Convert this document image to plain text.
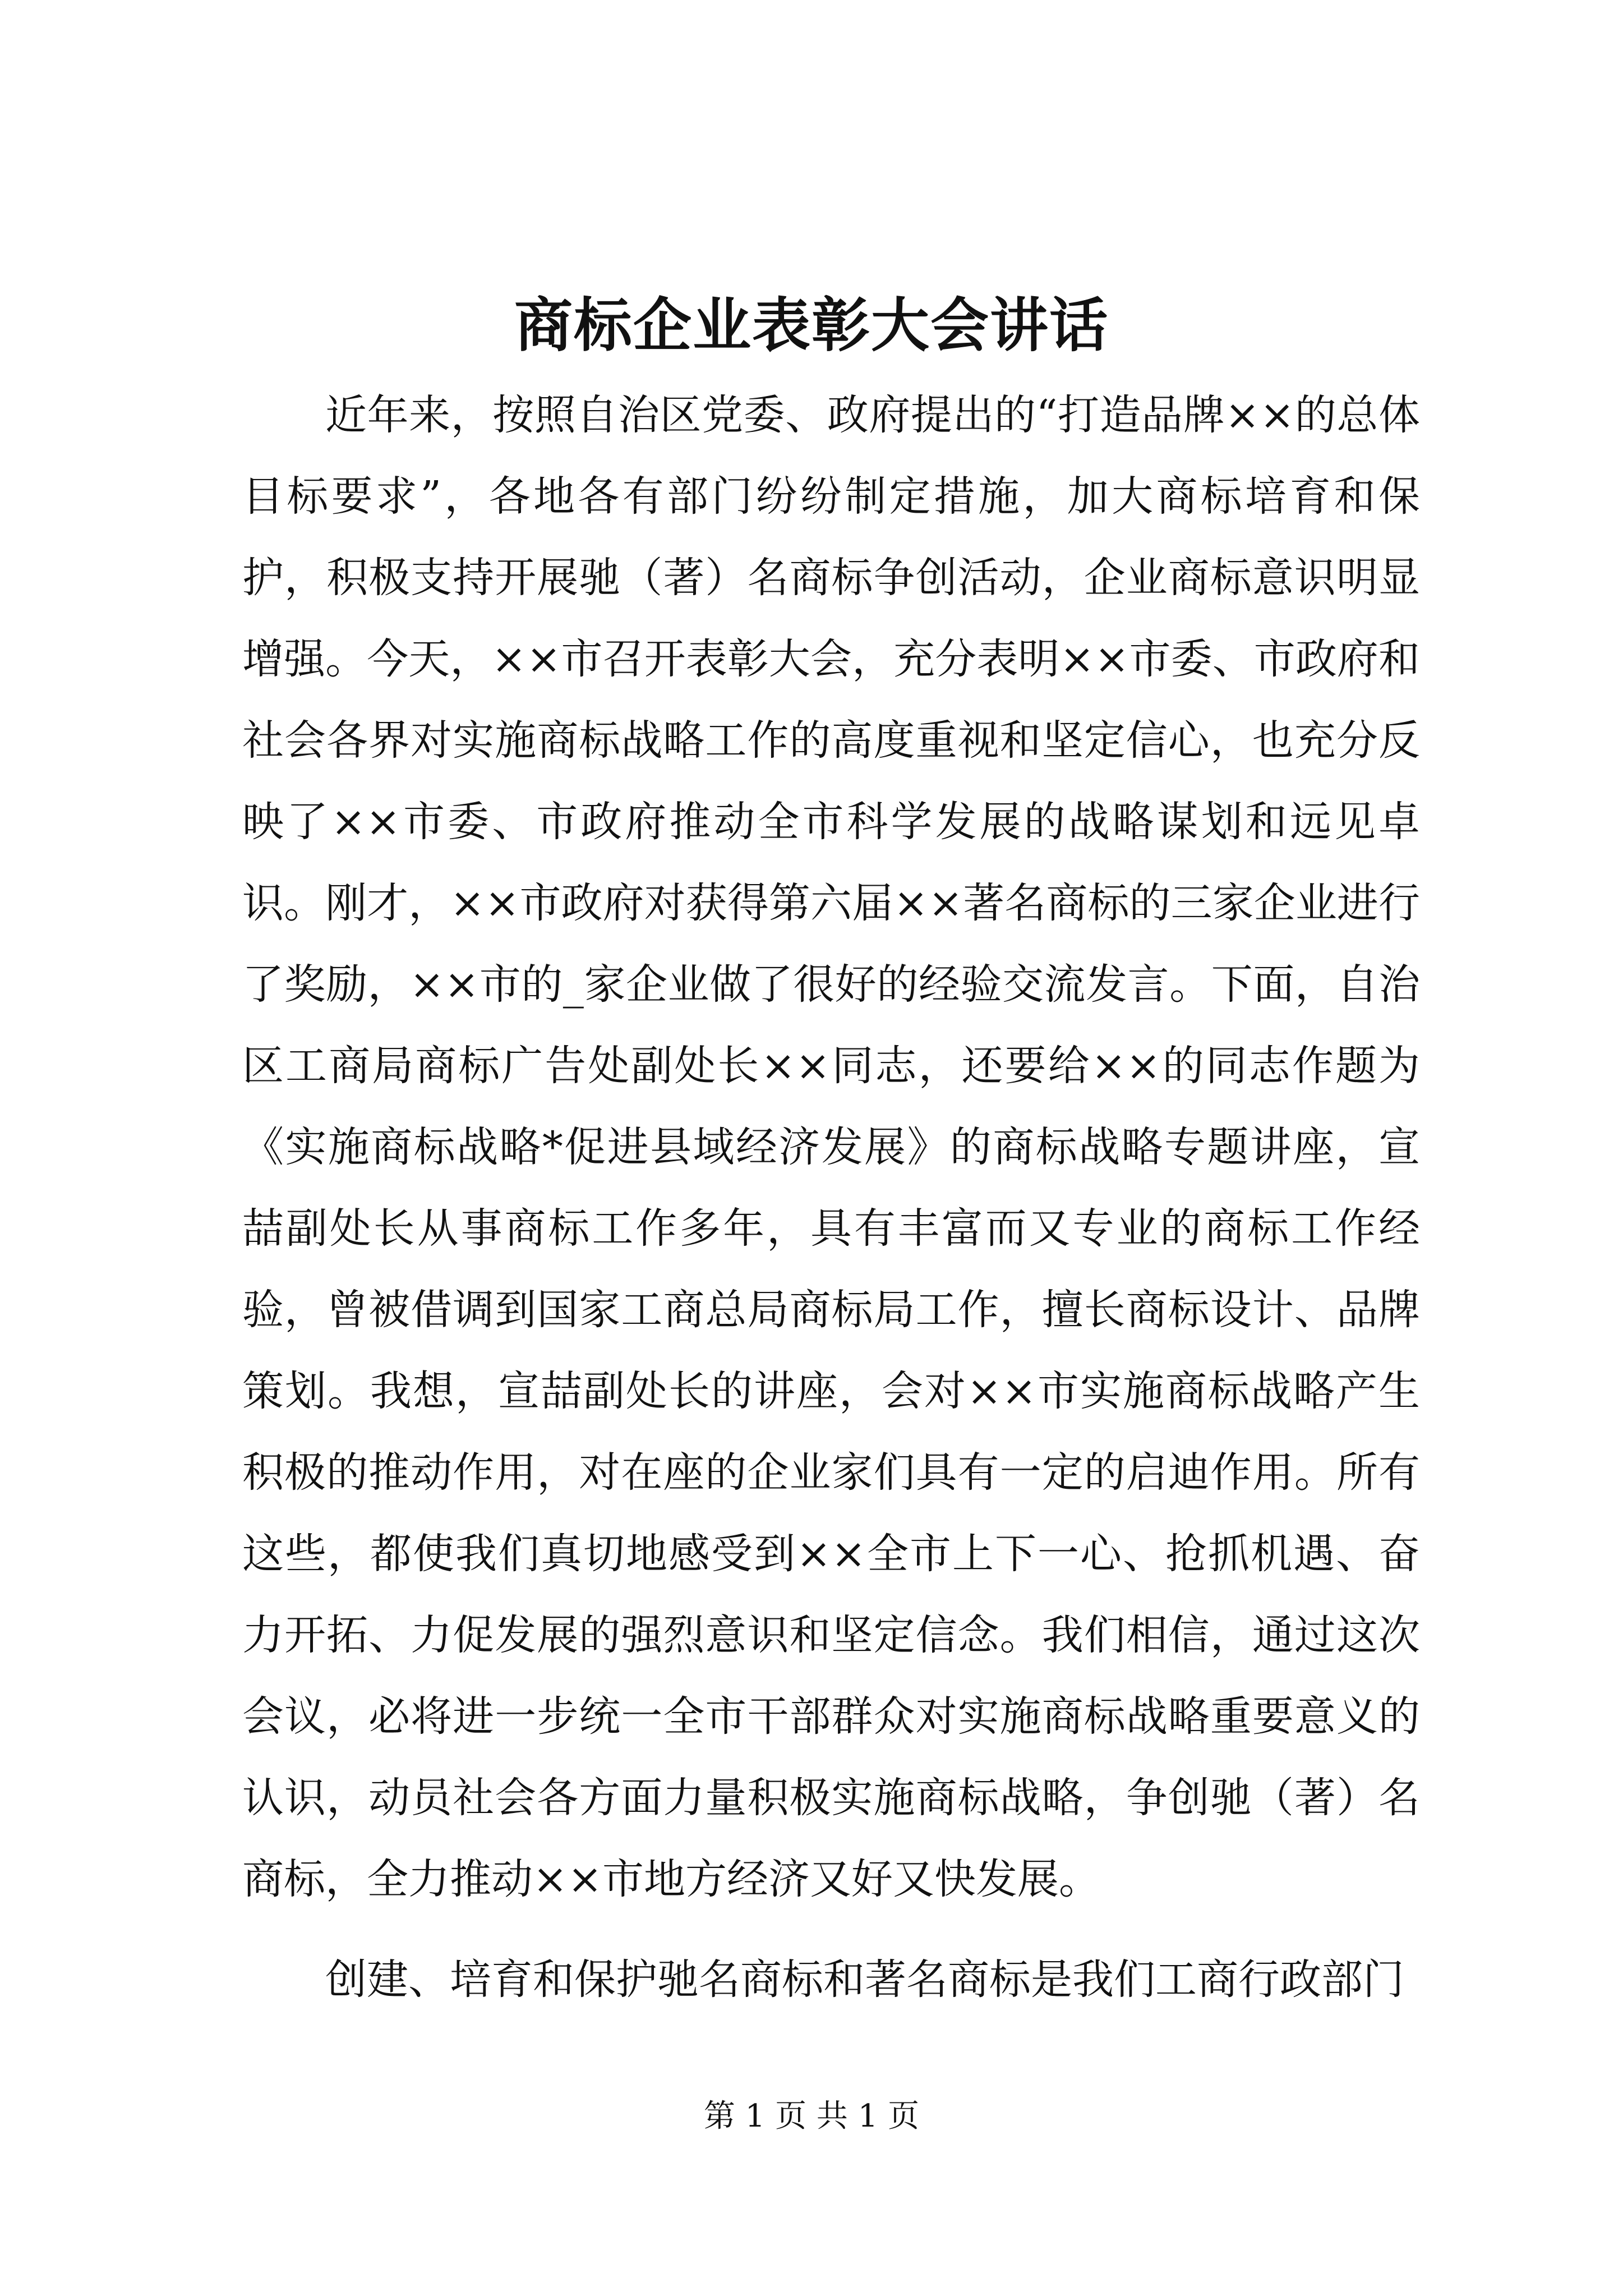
商标企业表彰大会讲话

近年来，按照自治区党委、政府提出的“打造品牌××的总体目标要求”，各地各有部门纷纷制定措施，加大商标培育和保护，积极支持开展驰（著）名商标争创活动，企业商标意识明显增强。今天，××市召开表彰大会，充分表明××市委、市政府和社会各界对实施商标战略工作的高度重视和坚定信心，也充分反映了××市委、市政府推动全市科学发展的战略谋划和远见卓识。刚才，××市政府对获得第六届××著名商标的三家企业进行了奖励，××市的_家企业做了很好的经验交流发言。下面，自治区工商局商标广告处副处长××同志，还要给××的同志作题为《实施商标战略*促进县域经济发展》的商标战略专题讲座，宣喆副处长从事商标工作多年，具有丰富而又专业的商标工作经验，曾被借调到国家工商总局商标局工作，擅长商标设计、品牌策划。我想，宣喆副处长的讲座，会对××市实施商标战略产生积极的推动作用，对在座的企业家们具有一定的启迪作用。所有这些，都使我们真切地感受到××全市上下一心、抢抓机遇、奋力开拓、力促发展的强烈意识和坚定信念。我们相信，通过这次会议，必将进一步统一全市干部群众对实施商标战略重要意义的认识，动员社会各方面力量积极实施商标战略，争创驰（著）名商标，全力推动××市地方经济又好又快发展。

创建、培育和保护驰名商标和著名商标是我们工商行政部门

第 1 页 共 1 页
